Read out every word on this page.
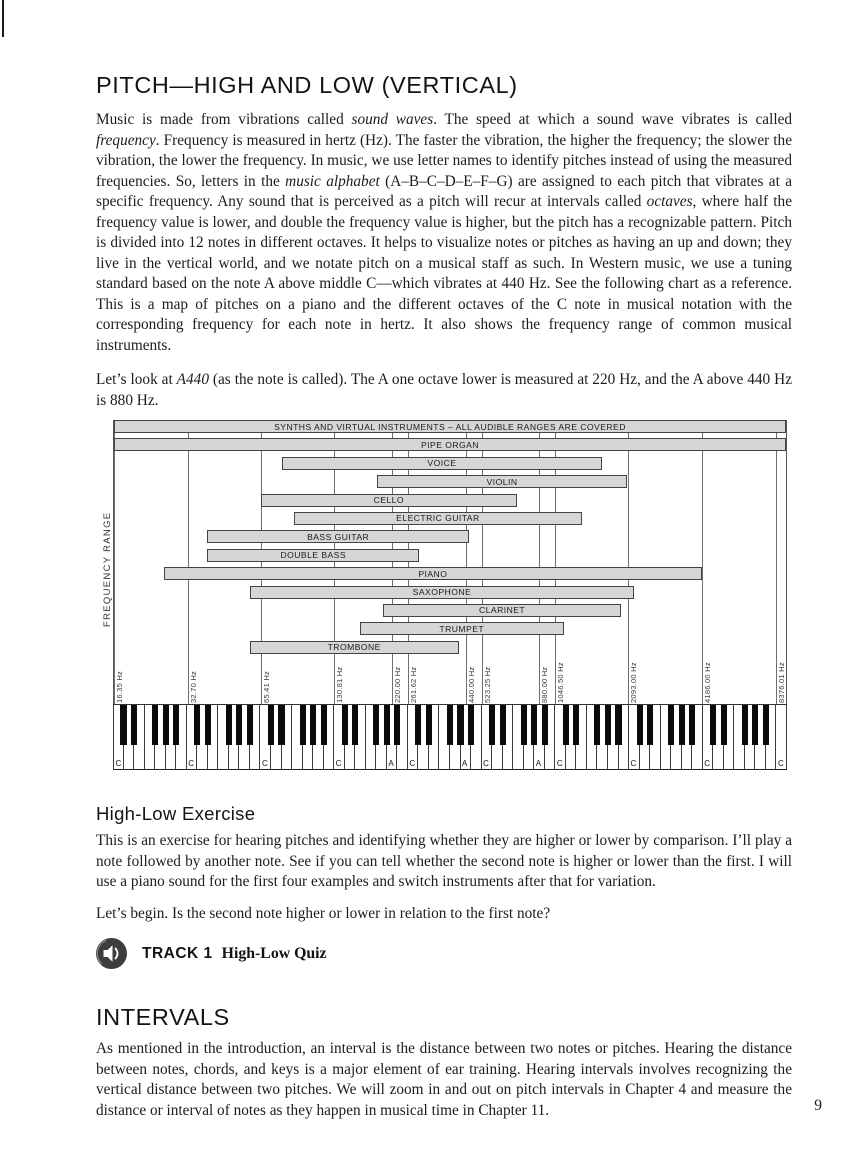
PITCH—HIGH AND LOW (VERTICAL)

Music is made from vibrations called sound waves. The speed at which a sound wave vibrates is called frequency. Frequency is measured in hertz (Hz). The faster the vibration, the higher the frequency; the slower the vibration, the lower the frequency. In music, we use letter names to identify pitches instead of using the measured frequencies. So, letters in the music alphabet (A–B–C–D–E–F–G) are assigned to each pitch that vibrates at a specific frequency. Any sound that is perceived as a pitch will recur at intervals called octaves, where half the frequency value is lower, and double the frequency value is higher, but the pitch has a recognizable pattern. Pitch is divided into 12 notes in different octaves. It helps to visualize notes or pitches as having an up and down; they live in the vertical world, and we notate pitch on a musical staff as such. In Western music, we use a tuning standard based on the note A above middle C—which vibrates at 440 Hz. See the following chart as a reference. This is a map of pitches on a piano and the different octaves of the C note in musical notation with the corresponding frequency for each note in hertz. It also shows the frequency range of common musical instruments.

Let’s look at A440 (as the note is called). The A one octave lower is measured at 220 Hz, and the A above 440 Hz is 880 Hz.

FREQUENCY RANGE
SYNTHS AND VIRTUAL INSTRUMENTS – ALL AUDIBLE RANGES ARE COVERED
PIPE ORGAN
VOICE
VIOLIN
CELLO
ELECTRIC GUITAR
BASS GUITAR
DOUBLE BASS
PIANO
SAXOPHONE
CLARINET
TRUMPET
TROMBONE
16.35 Hz	32.70 Hz	65.41 Hz	130.81 Hz	220.00 Hz 261.62 Hz	440.00 Hz 523.25 Hz	880.00 Hz 1046.50 Hz	2093.00 Hz	4186.00 Hz	8376.01 Hz
C	C	C	C	A C	A C	A C	C	C	C
High-Low Exercise

This is an exercise for hearing pitches and identifying whether they are higher or lower by comparison. I’ll play a note followed by another note. See if you can tell whether the second note is higher or lower than the first. I will use a piano sound for the first four examples and switch instruments after that for variation.

Let’s begin. Is the second note higher or lower in relation to the first note?

TRACK 1 High-Low Quiz
INTERVALS

As mentioned in the introduction, an interval is the distance between two notes or pitches. Hearing the distance between notes, chords, and keys is a major element of ear training. Hearing intervals involves recognizing the vertical distance between two pitches. We will zoom in and out on pitch intervals in Chapter 4 and measure the distance or interval of notes as they happen in musical time in Chapter 11.	9
